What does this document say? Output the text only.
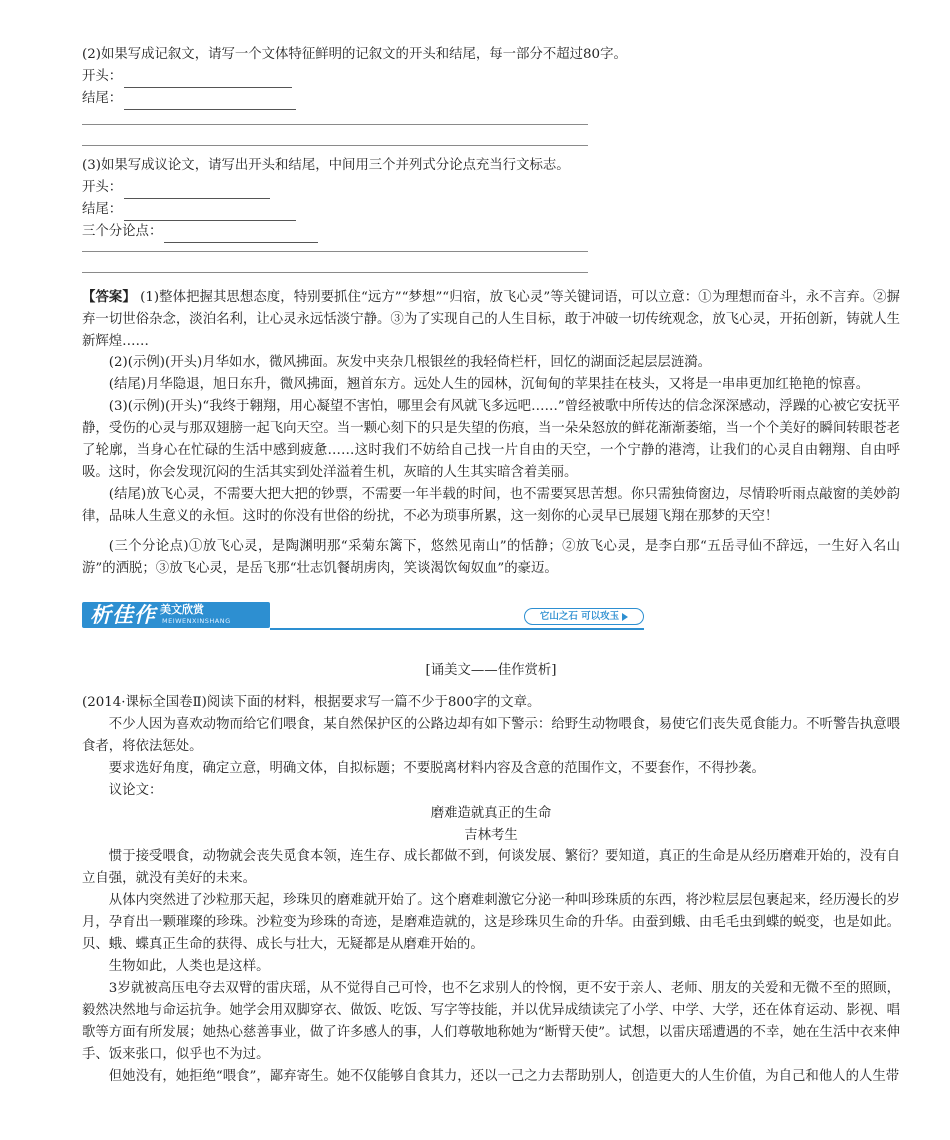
(2)如果写成记叙文，请写一个文体特征鲜明的记叙文的开头和结尾，每一部分不超过80字。
开头：
结尾：
(3)如果写成议论文，请写出开头和结尾，中间用三个并列式分论点充当行文标志。
开头：
结尾：
三个分论点：
【答案】 (1)整体把握其思想态度，特别要抓住“远方”“梦想”“归宿，放飞心灵”等关键词语，可以立意：①为理想而奋斗，永不言弃。②摒弃一切世俗杂念，淡泊名利，让心灵永远恬淡宁静。③为了实现自己的人生目标，敢于冲破一切传统观念，放飞心灵，开拓创新，铸就人生新辉煌……
(2)(示例)(开头)月华如水，微风拂面。灰发中夹杂几根银丝的我轻倚栏杆，回忆的湖面泛起层层涟漪。
(结尾)月华隐退，旭日东升，微风拂面，翘首东方。远处人生的园林，沉甸甸的苹果挂在枝头，又将是一串串更加红艳艳的惊喜。
(3)(示例)(开头)“我终于翱翔，用心凝望不害怕，哪里会有风就飞多远吧……”曾经被歌中所传达的信念深深感动，浮躁的心被它安抚平静，受伤的心灵与那双翅膀一起飞向天空。当一颗心刻下的只是失望的伤痕，当一朵朵怒放的鲜花渐渐萎缩，当一个个美好的瞬间转眼苍老了轮廓，当身心在忙碌的生活中感到疲惫……这时我们不妨给自己找一片自由的天空，一个宁静的港湾，让我们的心灵自由翱翔、自由呼吸。这时，你会发现沉闷的生活其实到处洋溢着生机，灰暗的人生其实暗含着美丽。
(结尾)放飞心灵，不需要大把大把的钞票，不需要一年半载的时间，也不需要冥思苦想。你只需独倚窗边，尽情聆听雨点敲窗的美妙韵律，品味人生意义的永恒。这时的你没有世俗的纷扰，不必为琐事所累，这一刻你的心灵早已展翅飞翔在那梦的天空！
(三个分论点)①放飞心灵，是陶渊明那“采菊东篱下，悠然见南山”的恬静；②放飞心灵，是李白那“五岳寻仙不辞远，一生好入名山游”的洒脱；③放飞心灵，是岳飞那“壮志饥餐胡虏肉，笑谈渴饮匈奴血”的豪迈。
析佳作 美文欣赏
MEIWENXINSHANG	它山之石 可以攻玉
[诵美文——佳作赏析]
(2014·课标全国卷Ⅱ)阅读下面的材料，根据要求写一篇不少于800字的文章。
不少人因为喜欢动物而给它们喂食，某自然保护区的公路边却有如下警示：给野生动物喂食，易使它们丧失觅食能力。不听警告执意喂食者，将依法惩处。
要求选好角度，确定立意，明确文体，自拟标题；不要脱离材料内容及含意的范围作文，不要套作，不得抄袭。
议论文：
磨难造就真正的生命
吉林考生
惯于接受喂食，动物就会丧失觅食本领，连生存、成长都做不到，何谈发展、繁衍？要知道，真正的生命是从经历磨难开始的，没有自立自强，就没有美好的未来。
从体内突然进了沙粒那天起，珍珠贝的磨难就开始了。这个磨难刺激它分泌一种叫珍珠质的东西，将沙粒层层包裹起来，经历漫长的岁月，孕育出一颗璀璨的珍珠。沙粒变为珍珠的奇迹，是磨难造就的，这是珍珠贝生命的升华。由蚕到蛾、由毛毛虫到蝶的蜕变，也是如此。贝、蛾、蝶真正生命的获得、成长与壮大，无疑都是从磨难开始的。
生物如此，人类也是这样。
3岁就被高压电夺去双臂的雷庆瑶，从不觉得自己可怜，也不乞求别人的怜悯，更不安于亲人、老师、朋友的关爱和无微不至的照顾，毅然决然地与命运抗争。她学会用双脚穿衣、做饭、吃饭、写字等技能，并以优异成绩读完了小学、中学、大学，还在体育运动、影视、唱歌等方面有所发展；她热心慈善事业，做了许多感人的事，人们尊敬地称她为“断臂天使”。试想，以雷庆瑶遭遇的不幸，她在生活中衣来伸手、饭来张口，似乎也不为过。
但她没有，她拒绝“喂食”，鄙弃寄生。她不仅能够自食其力，还以一己之力去帮助别人，创造更大的人生价值，为自己和他人的人生带
